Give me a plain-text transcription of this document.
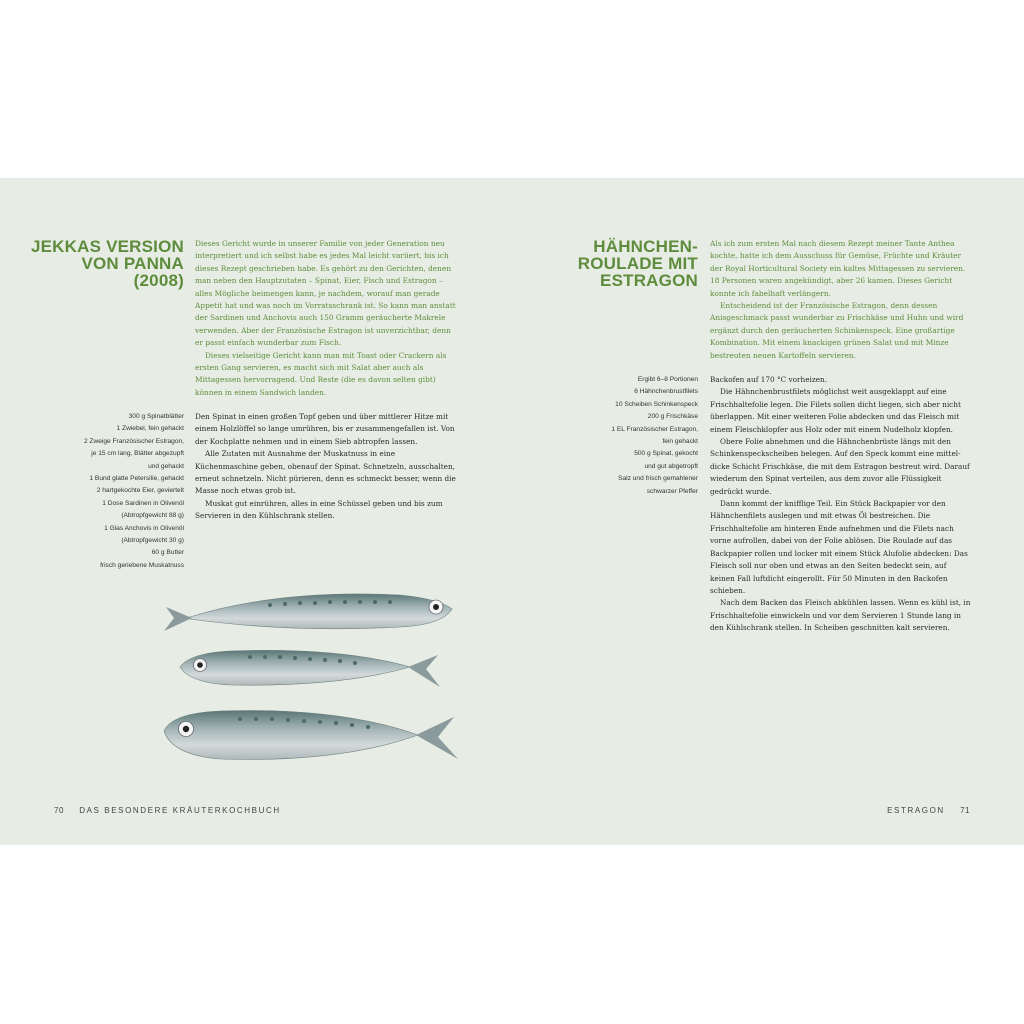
JEKKAS VERSION
VON PANNA
(2008)

Dieses Gericht wurde in unserer Familie von jeder Generation neu interpretiert und ich selbst habe es jedes Mal leicht variiert, bis ich dieses Rezept geschrieben habe. Es gehört zu den Gerichten, denen man neben den Hauptzutaten – Spinat, Eier, Fisch und Estragon – alles Mögliche beimengen kann, je nachdem, worauf man gerade Appetit hat und was noch im Vorratsschrank ist. So kann man anstatt der Sardinen und Anchovis auch 150 Gramm geräucherte Makrele verwenden. Aber der Französische Estragon ist unverzichtbar, denn er passt einfach wunderbar zum Fisch.

Dieses vielseitige Gericht kann man mit Toast oder Crackern als ersten Gang servieren, es macht sich mit Salat aber auch als Mittagessen hervorragend. Und Reste (die es davon selten gibt) können in einem Sandwich landen.

300 g Spinatblätter
1 Zwiebel, fein gehackt
2 Zweige Französischer Estragon,
je 15 cm lang, Blätter abgezupft
und gehackt
1 Bund glatte Petersilie, gehackt
2 hartgekochte Eier, geviertelt
1 Dose Sardinen in Olivenöl
(Abtropfgewicht 88 g)
1 Glas Anchovis in Olivenöl
(Abtropfgewicht 30 g)
60 g Butter
frisch geriebene Muskatnuss

Den Spinat in einen großen Topf geben und über mittlerer Hitze mit einem Holzlöffel so lange umrühren, bis er zusammengefallen ist. Von der Kochplatte nehmen und in einem Sieb abtropfen lassen.

Alle Zutaten mit Ausnahme der Muskatnuss in eine Küchenmaschine geben, obenauf der Spinat. Schnetzeln, ausschalten, erneut schnetzeln. Nicht pürieren, denn es schmeckt besser, wenn die Masse noch etwas grob ist.

Muskat gut einrühren, alles in eine Schüssel geben und bis zum Servieren in den Kühlschrank stellen.

70 DAS BESONDERE KRÄUTERKOCHBUCH
HÄHNCHEN-
ROULADE MIT
ESTRAGON

Als ich zum ersten Mal nach diesem Rezept meiner Tante Anthea kochte, hatte ich dem Ausschuss für Gemüse, Früchte und Kräuter der Royal Horticultural Society ein kaltes Mittagessen zu servieren. 18 Personen waren angekündigt, aber 26 kamen. Dieses Gericht konnte ich fabelhaft verlängern.

Entscheidend ist der Französische Estragon, denn dessen Anisgeschmack passt wunderbar zu Frischkäse und Huhn und wird ergänzt durch den geräucherten Schinkenspeck. Eine großartige Kombination. Mit einem knackigen grünen Salat und mit Minze bestreuten neuen Kartoffeln servieren.

Ergibt 6–8 Portionen
6 Hähnchenbrustfilets
10 Scheiben Schinkenspeck
200 g Frischkäse
1 EL Französischer Estragon,
fein gehackt
500 g Spinat, gekocht
und gut abgetropft
Salz und frisch gemahlener
schwarzer Pfeffer

Backofen auf 170 °C vorheizen.

Die Hähnchenbrustfilets möglichst weit ausgeklappt auf eine Frischhaltefolie legen. Die Filets sollen dicht liegen, sich aber nicht überlappen. Mit einer weiteren Folie abdecken und das Fleisch mit einem Fleischklopfer aus Holz oder mit einem Nudelholz klopfen.

Obere Folie abnehmen und die Hähnchenbrüste längs mit den Schinkenspeckscheiben belegen. Auf den Speck kommt eine mittel-dicke Schicht Frischkäse, die mit dem Estragon bestreut wird. Darauf wiederum den Spinat verteilen, aus dem zuvor alle Flüssigkeit gedrückt wurde.

Dann kommt der knifflige Teil. Ein Stück Backpapier vor den Hähnchenfilets auslegen und mit etwas Öl bestreichen. Die Frischhaltefolie am hinteren Ende aufnehmen und die Filets nach vorne aufrollen, dabei von der Folie ablösen. Die Roulade auf das Backpapier rollen und locker mit einem Stück Alufolie abdecken: Das Fleisch soll nur oben und etwas an den Seiten bedeckt sein, auf keinen Fall luftdicht eingerollt. Für 50 Minuten in den Backofen schieben.

Nach dem Backen das Fleisch abkühlen lassen. Wenn es kühl ist, in Frischhaltefolie einwickeln und vor dem Servieren 1 Stunde lang in den Kühlschrank stellen. In Scheiben geschnitten kalt servieren.

ESTRAGON 71
